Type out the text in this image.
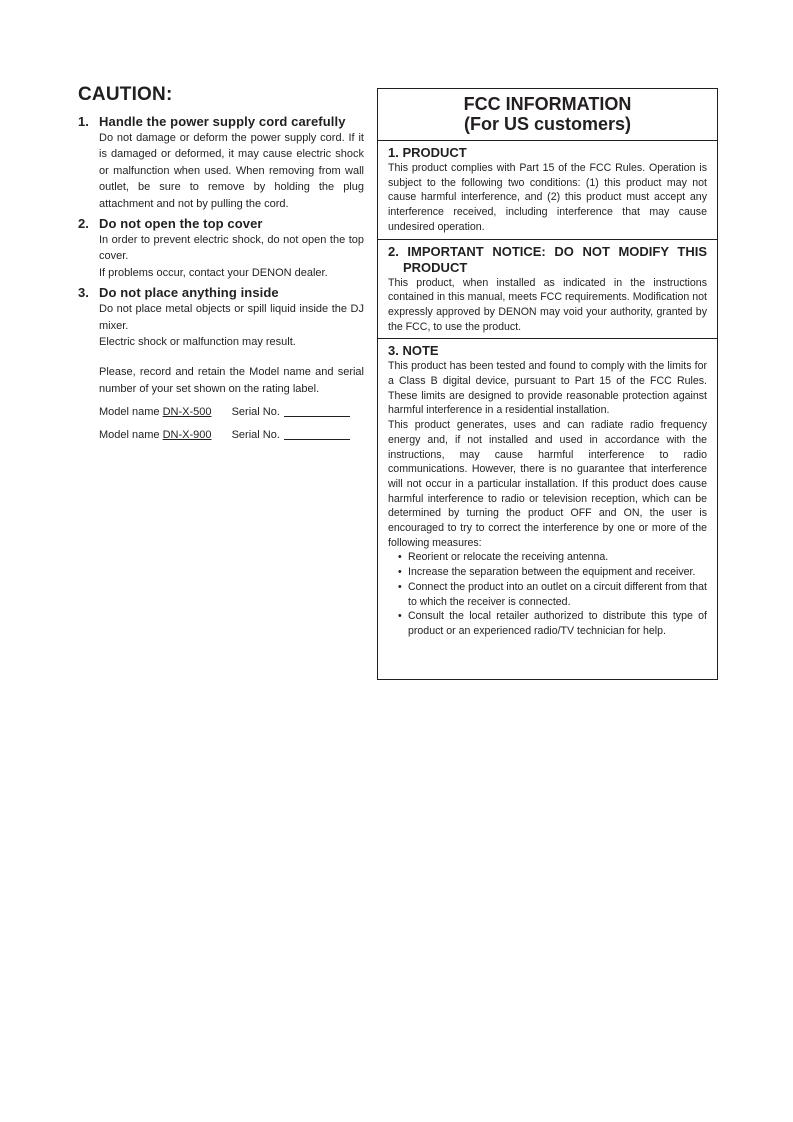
CAUTION:
1. Handle the power supply cord carefully

Do not damage or deform the power supply cord. If it is damaged or deformed, it may cause electric shock or malfunction when used. When removing from wall outlet, be sure to remove by holding the plug attachment and not by pulling the cord.

2. Do not open the top cover

In order to prevent electric shock, do not open the top cover.

If problems occur, contact your DENON dealer.

3. Do not place anything inside

Do not place metal objects or spill liquid inside the DJ mixer.

Electric shock or malfunction may result.

Please, record and retain the Model name and serial number of your set shown on the rating label.
Model name DN-X-500	Serial No.
Model name DN-X-900	Serial No.
FCC INFORMATION
(For US customers)
1. PRODUCT

This product complies with Part 15 of the FCC Rules. Operation is subject to the following two conditions: (1) this product may not cause harmful interference, and (2) this product must accept any interference received, including interference that may cause undesired operation.

2. IMPORTANT NOTICE: DO NOT MODIFY THIS
PRODUCT

This product, when installed as indicated in the instructions contained in this manual, meets FCC requirements. Modification not expressly approved by DENON may void your authority, granted by the FCC, to use the product.

3. NOTE

This product has been tested and found to comply with the limits for a Class B digital device, pursuant to Part 15 of the FCC Rules. These limits are designed to provide reasonable protection against harmful interference in a residential installation.

This product generates, uses and can radiate radio frequency energy and, if not installed and used in accordance with the instructions, may cause harmful interference to radio communications. However, there is no guarantee that interference will not occur in a particular installation. If this product does cause harmful interference to radio or television reception, which can be determined by turning the product OFF and ON, the user is encouraged to try to correct the interference by one or more of the following measures:

• Reorient or relocate the receiving antenna.
• Increase the separation between the equipment and receiver.
• Connect the product into an outlet on a circuit different from that to which the receiver is connected.
• Consult the local retailer authorized to distribute this type of product or an experienced radio/TV technician for help.
